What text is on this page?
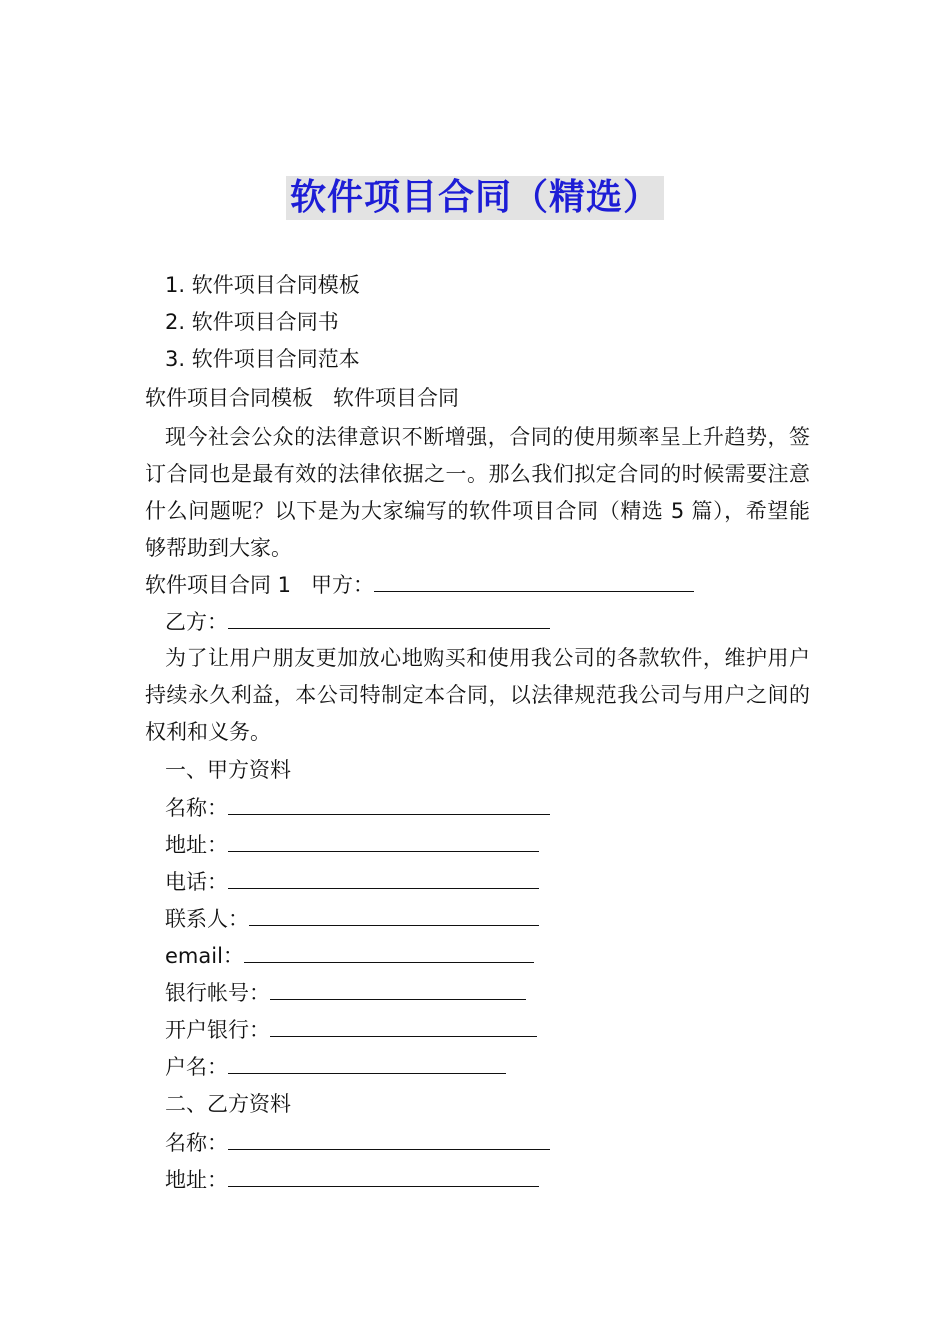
软件项目合同（精选）
1. 软件项目合同模板
2. 软件项目合同书
3. 软件项目合同范本
软件项目合同模板 软件项目合同
现今社会公众的法律意识不断增强，合同的使用频率呈上升趋势，签订合同也是最有效的法律依据之一。那么我们拟定合同的时候需要注意什么问题呢？以下是为大家编写的软件项目合同（精选 5 篇），希望能够帮助到大家。
软件项目合同 1 甲方：
乙方：
为了让用户朋友更加放心地购买和使用我公司的各款软件，维护用户持续永久利益，本公司特制定本合同，以法律规范我公司与用户之间的权利和义务。
一、甲方资料
名称：
地址：
电话：
联系人：
email：
银行帐号：
开户银行：
户名：
二、乙方资料
名称：
地址：
